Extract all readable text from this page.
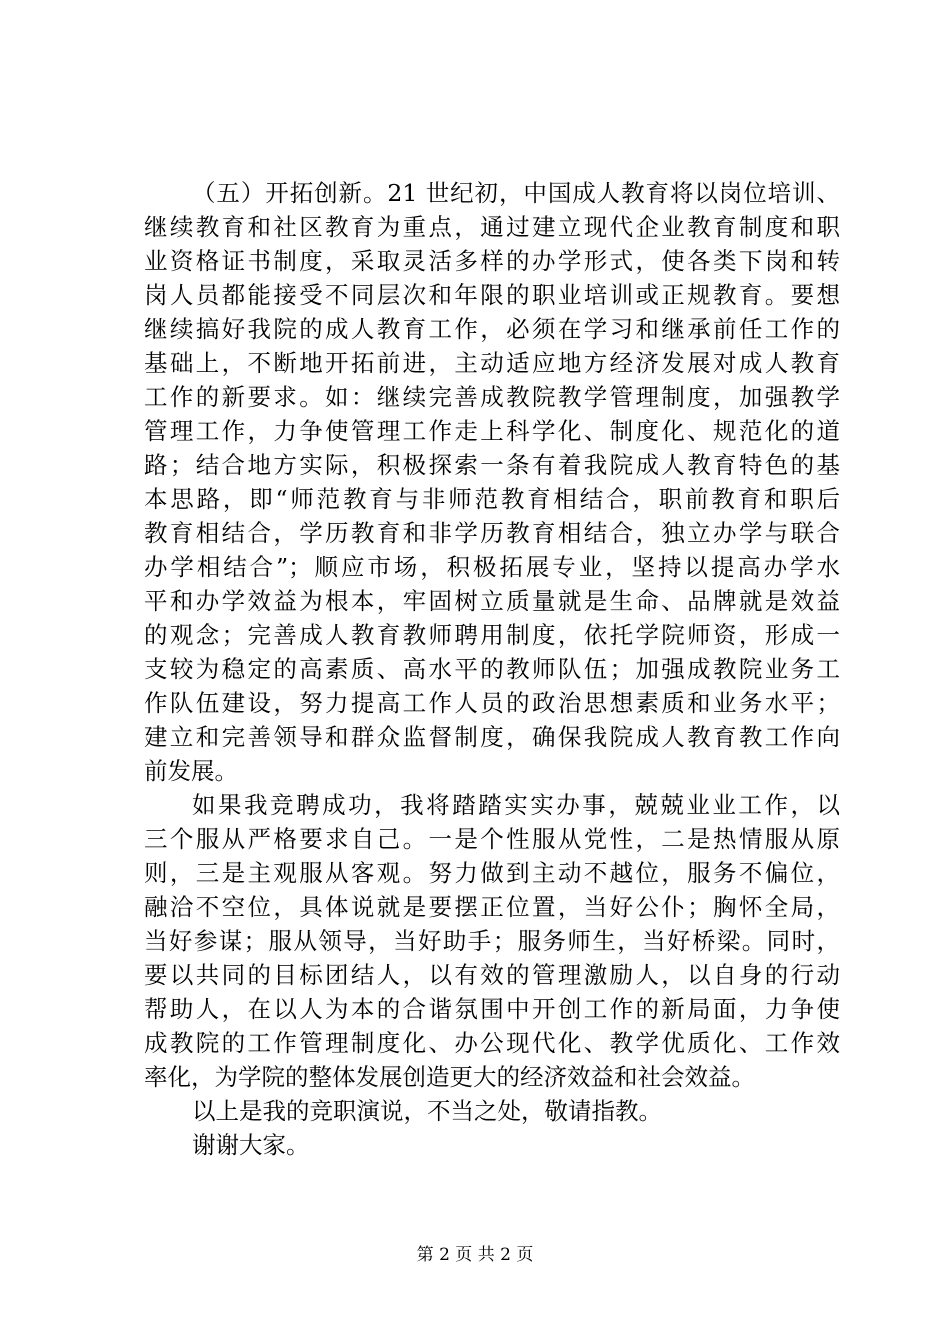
（五）开拓创新。21 世纪初，中国成人教育将以岗位培训、
继续教育和社区教育为重点，通过建立现代企业教育制度和职
业资格证书制度，采取灵活多样的办学形式，使各类下岗和转
岗人员都能接受不同层次和年限的职业培训或正规教育。要想
继续搞好我院的成人教育工作，必须在学习和继承前任工作的
基础上，不断地开拓前进，主动适应地方经济发展对成人教育
工作的新要求。如：继续完善成教院教学管理制度，加强教学
管理工作，力争使管理工作走上科学化、制度化、规范化的道
路；结合地方实际，积极探索一条有着我院成人教育特色的基
本思路，即“师范教育与非师范教育相结合，职前教育和职后
教育相结合，学历教育和非学历教育相结合，独立办学与联合
办学相结合”；顺应市场，积极拓展专业，坚持以提高办学水
平和办学效益为根本，牢固树立质量就是生命、品牌就是效益
的观念；完善成人教育教师聘用制度，依托学院师资，形成一
支较为稳定的高素质、高水平的教师队伍；加强成教院业务工
作队伍建设，努力提高工作人员的政治思想素质和业务水平；
建立和完善领导和群众监督制度，确保我院成人教育教工作向
前发展。
如果我竞聘成功，我将踏踏实实办事，兢兢业业工作，以
三个服从严格要求自己。一是个性服从党性，二是热情服从原
则，三是主观服从客观。努力做到主动不越位，服务不偏位，
融洽不空位，具体说就是要摆正位置，当好公仆；胸怀全局，
当好参谋；服从领导，当好助手；服务师生，当好桥梁。同时，
要以共同的目标团结人，以有效的管理激励人，以自身的行动
帮助人，在以人为本的合谐氛围中开创工作的新局面，力争使
成教院的工作管理制度化、办公现代化、教学优质化、工作效
率化，为学院的整体发展创造更大的经济效益和社会效益。
以上是我的竞职演说，不当之处，敬请指教。
谢谢大家。
第 2 页 共 2 页
